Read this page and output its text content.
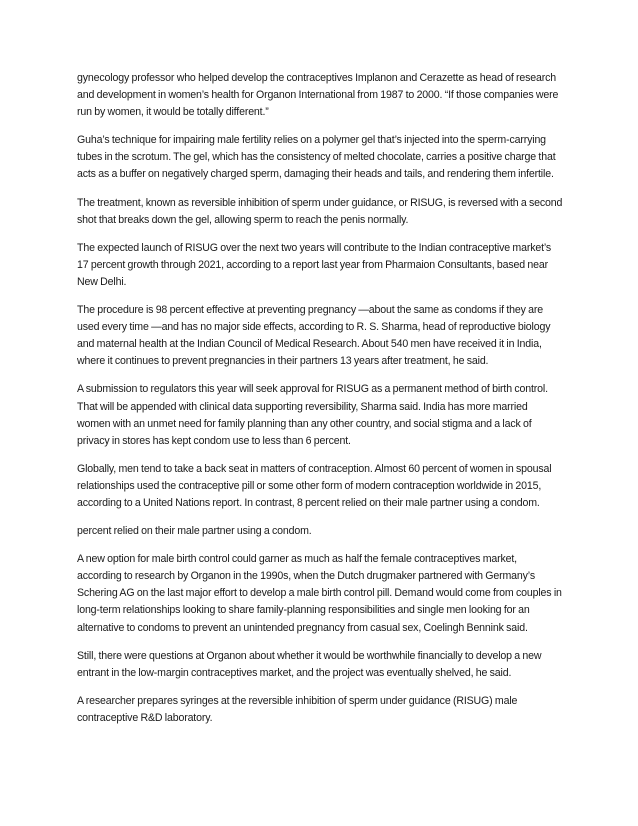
gynecology professor who helped develop the contraceptives Implanon and Cerazette as head of research and development in women’s health for Organon International from 1987 to 2000. “If those companies were run by women, it would be totally different.”

Guha’s technique for impairing male fertility relies on a polymer gel that’s injected into the sperm-carrying tubes in the scrotum. The gel, which has the consistency of melted chocolate, carries a positive charge that acts as a buffer on negatively charged sperm, damaging their heads and tails, and rendering them infertile.

The treatment, known as reversible inhibition of sperm under guidance, or RISUG, is reversed with a second shot that breaks down the gel, allowing sperm to reach the penis normally.

The expected launch of RISUG over the next two years will contribute to the Indian contraceptive market’s 17 percent growth through 2021, according to a report last year from Pharmaion Consultants, based near New Delhi.

The procedure is 98 percent effective at preventing pregnancy —about the same as condoms if they are used every time —and has no major side effects, according to R. S. Sharma, head of reproductive biology and maternal health at the Indian Council of Medical Research. About 540 men have received it in India, where it continues to prevent pregnancies in their partners 13 years after treatment, he said.

A submission to regulators this year will seek approval for RISUG as a permanent method of birth control. That will be appended with clinical data supporting reversibility, Sharma said. India has more married women with an unmet need for family planning than any other country, and social stigma and a lack of privacy in stores has kept condom use to less than 6 percent.

Globally, men tend to take a back seat in matters of contraception. Almost 60 percent of women in spousal relationships used the contraceptive pill or some other form of modern contraception worldwide in 2015, according to a United Nations report. In contrast, 8 percent relied on their male partner using a condom.

percent relied on their male partner using a condom.

A new option for male birth control could garner as much as half the female contraceptives market, according to research by Organon in the 1990s, when the Dutch drugmaker partnered with Germany’s Schering AG on the last major effort to develop a male birth control pill. Demand would come from couples in long-term relationships looking to share family-planning responsibilities and single men looking for an alternative to condoms to prevent an unintended pregnancy from casual sex, Coelingh Bennink said.

Still, there were questions at Organon about whether it would be worthwhile financially to develop a new entrant in the low-margin contraceptives market, and the project was eventually shelved, he said.

A researcher prepares syringes at the reversible inhibition of sperm under guidance (RISUG) male contraceptive R&D laboratory.
